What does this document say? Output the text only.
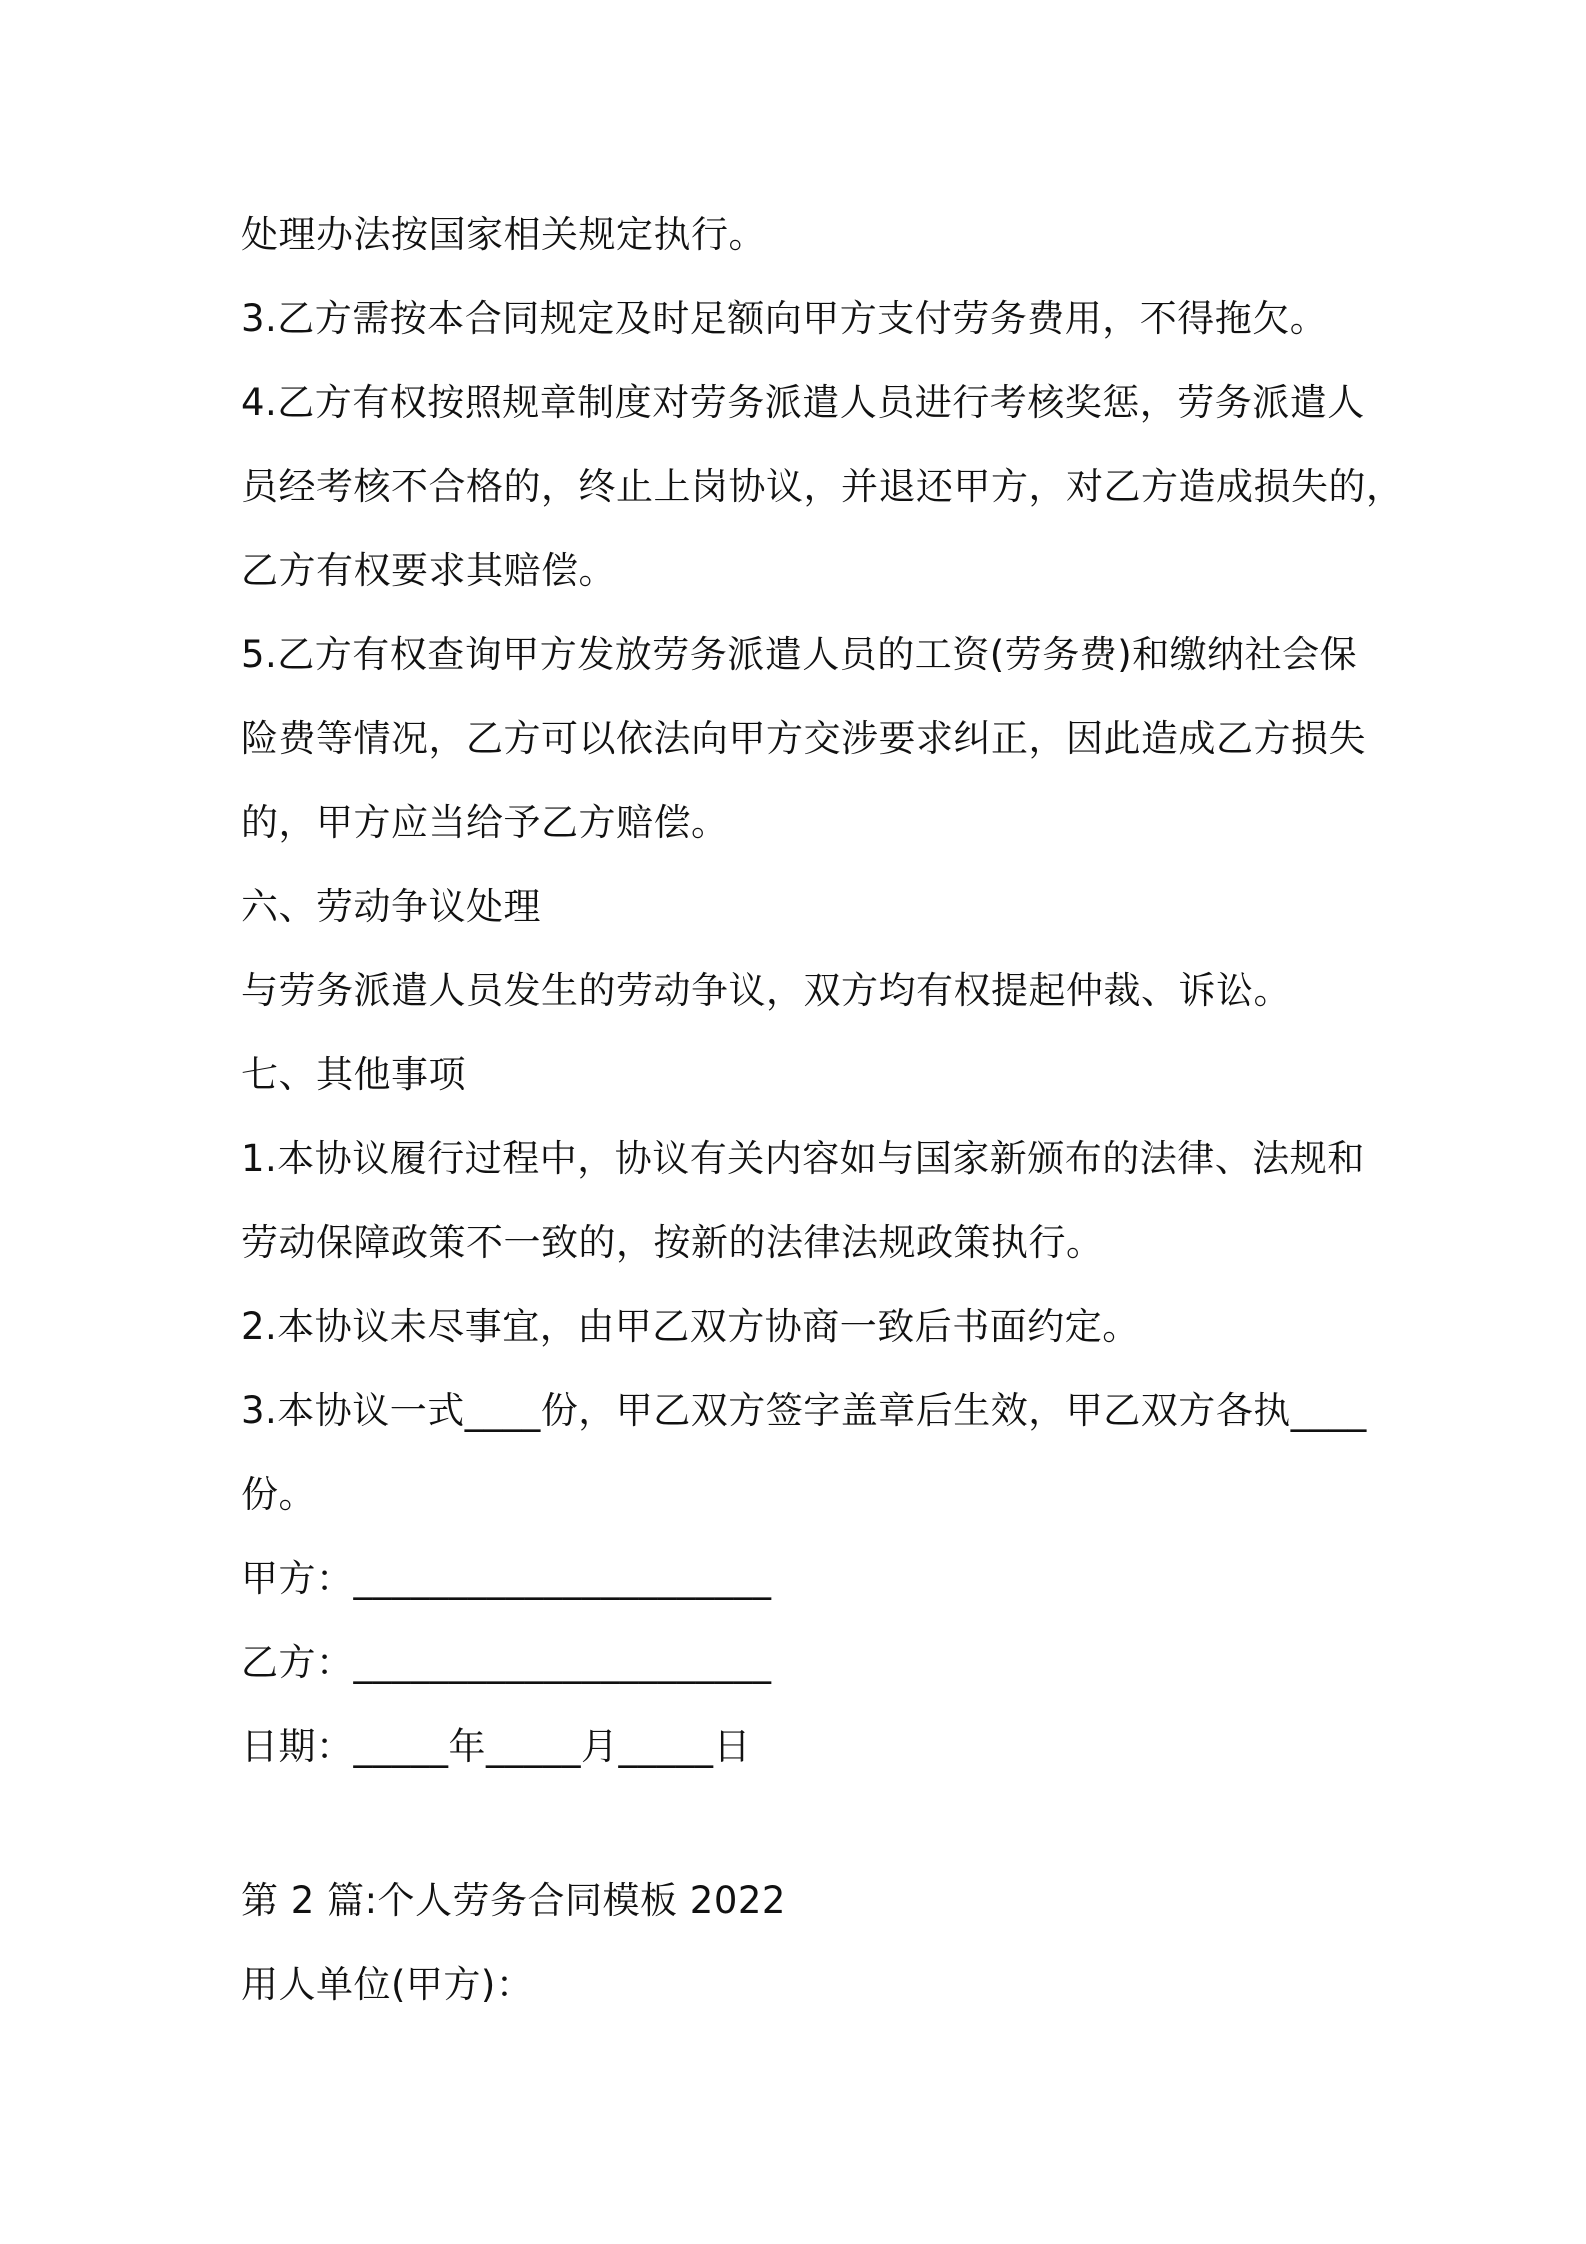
处理办法按国家相关规定执行。
3.乙方需按本合同规定及时足额向甲方支付劳务费用，不得拖欠。
4.乙方有权按照规章制度对劳务派遣人员进行考核奖惩，劳务派遣人
员经考核不合格的，终止上岗协议，并退还甲方，对乙方造成损失的，
乙方有权要求其赔偿。
5.乙方有权查询甲方发放劳务派遣人员的工资(劳务费)和缴纳社会保
险费等情况，乙方可以依法向甲方交涉要求纠正，因此造成乙方损失
的，甲方应当给予乙方赔偿。
六、劳动争议处理
与劳务派遣人员发生的劳动争议，双方均有权提起仲裁、诉讼。
七、其他事项
1.本协议履行过程中，协议有关内容如与国家新颁布的法律、法规和
劳动保障政策不一致的，按新的法律法规政策执行。
2.本协议未尽事宜，由甲乙双方协商一致后书面约定。
3.本协议一式____份，甲乙双方签字盖章后生效，甲乙双方各执____
份。
甲方：______________________
乙方：______________________
日期：_____年_____月_____日
第 2 篇:个人劳务合同模板 2022
用人单位(甲方)：
